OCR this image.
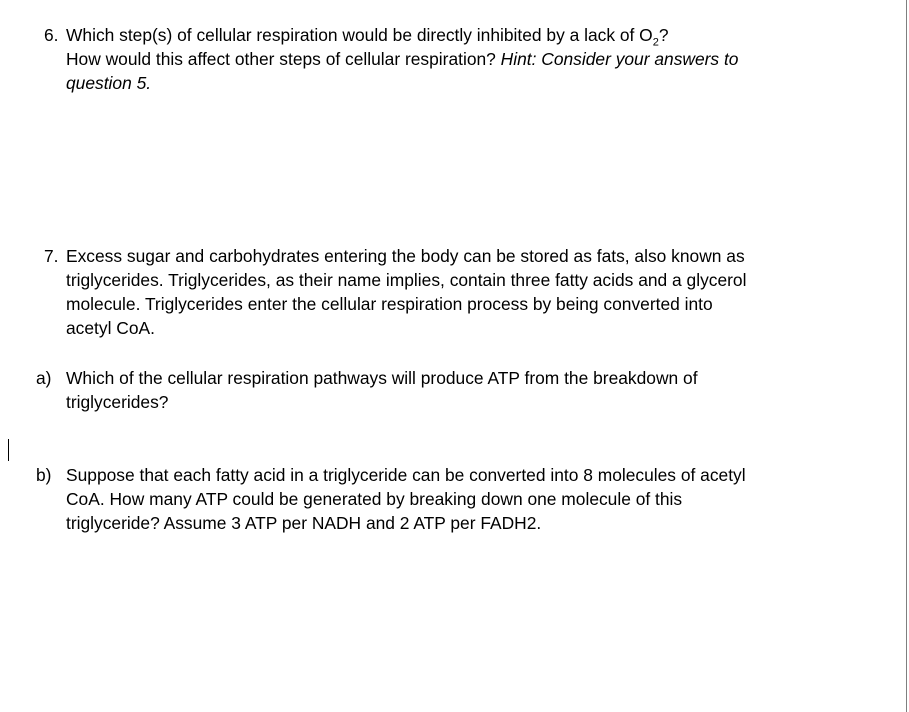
6. Which step(s) of cellular respiration would be directly inhibited by a lack of $O_2$?
How would this affect other steps of cellular respiration? Hint: Consider your answers to
question 5.
7. Excess sugar and carbohydrates entering the body can be stored as fats, also known as
triglycerides. Triglycerides, as their name implies, contain three fatty acids and a glycerol
molecule. Triglycerides enter the cellular respiration process by being converted into
acetyl CoA.
a) Which of the cellular respiration pathways will produce ATP from the breakdown of
triglycerides?
b) Suppose that each fatty acid in a triglyceride can be converted into 8 molecules of acetyl
CoA. How many ATP could be generated by breaking down one molecule of this
triglyceride? Assume 3 ATP per NADH and 2 ATP per FADH2.
